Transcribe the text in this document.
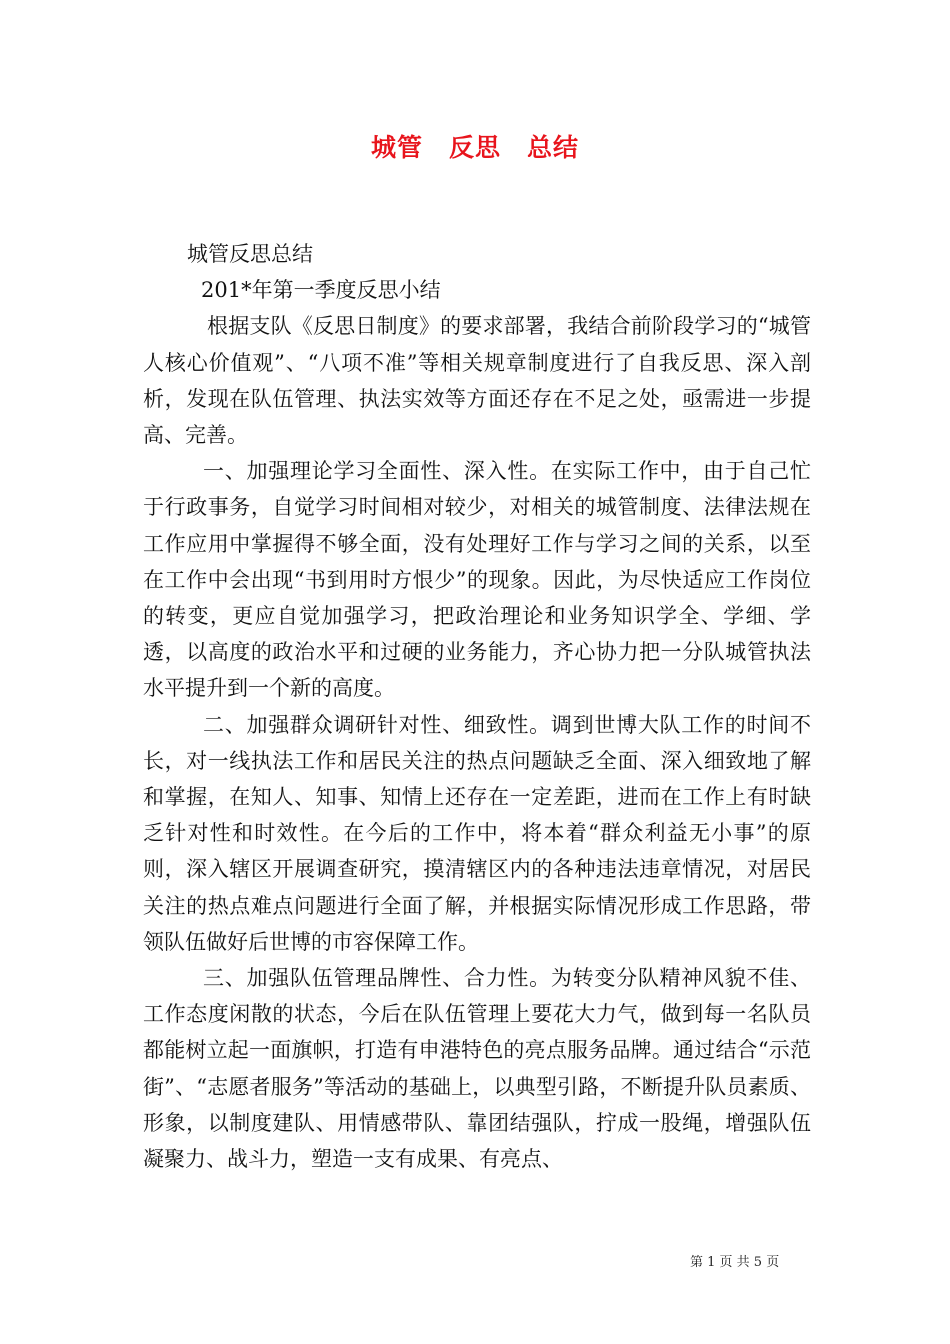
城管　反思　总结

城管反思总结

201*年第一季度反思小结

根据支队《反思日制度》的要求部署，我结合前阶段学习的“城管人核心价值观”、“八项不准”等相关规章制度进行了自我反思、深入剖析，发现在队伍管理、执法实效等方面还存在不足之处，亟需进一步提高、完善。

一、加强理论学习全面性、深入性。在实际工作中，由于自己忙于行政事务，自觉学习时间相对较少，对相关的城管制度、法律法规在工作应用中掌握得不够全面，没有处理好工作与学习之间的关系，以至在工作中会出现“书到用时方恨少”的现象。因此，为尽快适应工作岗位的转变，更应自觉加强学习，把政治理论和业务知识学全、学细、学透，以高度的政治水平和过硬的业务能力，齐心协力把一分队城管执法水平提升到一个新的高度。

二、加强群众调研针对性、细致性。调到世博大队工作的时间不长，对一线执法工作和居民关注的热点问题缺乏全面、深入细致地了解和掌握，在知人、知事、知情上还存在一定差距，进而在工作上有时缺乏针对性和时效性。在今后的工作中，将本着“群众利益无小事”的原则，深入辖区开展调查研究，摸清辖区内的各种违法违章情况，对居民关注的热点难点问题进行全面了解，并根据实际情况形成工作思路，带领队伍做好后世博的市容保障工作。

三、加强队伍管理品牌性、合力性。为转变分队精神风貌不佳、工作态度闲散的状态，今后在队伍管理上要花大力气，做到每一名队员都能树立起一面旗帜，打造有申港特色的亮点服务品牌。通过结合“示范街”、“志愿者服务”等活动的基础上，以典型引路，不断提升队员素质、形象，以制度建队、用情感带队、靠团结强队，拧成一股绳，增强队伍凝聚力、战斗力，塑造一支有成果、有亮点、

第 1 页 共 5 页
